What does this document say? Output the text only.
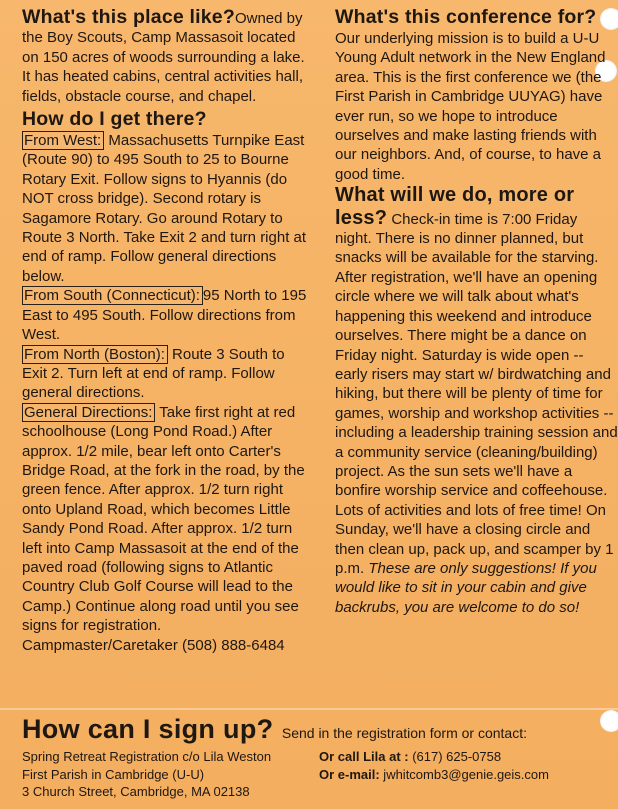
What's this place like?Owned by the Boy Scouts, Camp Massasoit located on 150 acres of woods surrounding a lake. It has heated cabins, central activities hall, fields, obstacle course, and chapel.

How do I get there?

From West: Massachusetts Turnpike East (Route 90) to 495 South to 25 to Bourne Rotary Exit. Follow signs to Hyannis (do NOT cross bridge). Second rotary is Sagamore Rotary. Go around Rotary to Route 3 North. Take Exit 2 and turn right at end of ramp. Follow general directions below.

From South (Connecticut): 95 North to 195 East to 495 South. Follow directions from West.

From North (Boston): Route 3 South to Exit 2. Turn left at end of ramp. Follow general directions.

General Directions: Take first right at red schoolhouse (Long Pond Road.) After approx. 1/2 mile, bear left onto Carter's Bridge Road, at the fork in the road, by the green fence. After approx. 1/2 turn right onto Upland Road, which becomes Little Sandy Pond Road. After approx. 1/2 turn left into Camp Massasoit at the end of the paved road (following signs to Atlantic Country Club Golf Course will lead to the Camp.) Continue along road until you see signs for registration.

Campmaster/Caretaker (508) 888-6484

What's this conference for?

Our underlying mission is to build a U-U Young Adult network in the New England area. This is the first conference we (the First Parish in Cambridge UUYAG) have ever run, so we hope to introduce ourselves and make lasting friends with our neighbors. And, of course, to have a good time.

What will we do, more or less? Check-in time is 7:00 Friday night. There is no dinner planned, but snacks will be available for the starving. After registration, we'll have an opening circle where we will talk about what's happening this weekend and introduce ourselves. There might be a dance on Friday night. Saturday is wide open -- early risers may start w/ birdwatching and hiking, but there will be plenty of time for games, worship and workshop activities -- including a leadership training session and a community service (cleaning/building) project. As the sun sets we'll have a bonfire worship service and coffeehouse. Lots of activities and lots of free time! On Sunday, we'll have a closing circle and then clean up, pack up, and scamper by 1 p.m. These are only suggestions! If you would like to sit in your cabin and give backrubs, you are welcome to do so!

How can I sign up? Send in the registration form or contact:
Spring Retreat Registration c/o Lila Weston
First Parish in Cambridge (U-U)
3 Church Street, Cambridge, MA 02138
Or call Lila at : (617) 625-0758
Or e-mail: jwhitcomb3@genie.geis.com
